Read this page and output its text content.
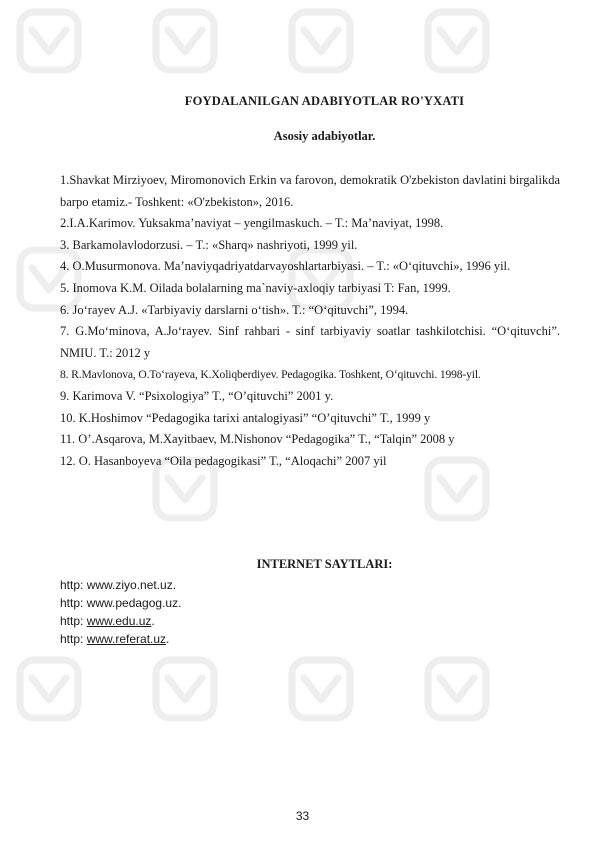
FOYDALANILGAN ADABIYOTLAR RO'YXATI
Asosiy adabiyotlar.

1.Shavkat Mirziyoev, Miromonovich Erkin va farovon, demokratik O'zbekiston davlatini birgalikda barpo etamiz.- Toshkent: «O'zbekiston», 2016.

2.I.A.Karimov. Yuksakma’naviyat – yengilmaskuch. – T.: Ma’naviyat, 1998.

3. Barkamolavlodorzusi. – T.: «Sharq» nashriyoti, 1999 yil.

4. O.Musurmonova. Ma’naviyqadriyatdarvayoshlartarbiyasi. – T.: «O‘qituvchi», 1996 yil.

5. Inomova K.M. Oilada bolalarning ma`naviy-axloqiy tarbiyasi T: Fan, 1999.

6. Jo‘rayev A.J. «Tarbiyaviy darslarni o‘tish». T.: “O‘qituvchi”, 1994.

7. G.Mo‘minova, A.Jo‘rayev. Sinf rahbari - sinf tarbiyaviy soatlar tashkilotchisi. “O‘qituvchi”. NMIU. T.: 2012 y

8. R.Mavlonova, O.To‘rayeva, K.Xoliqberdiyev. Pedagogika. Toshkent, O‘qituvchi. 1998-yil.

9. Karimova V. “Psixologiya” T., “O’qituvchi” 2001 y.

10. K.Hoshimov “Pedagogika tarixi antalogiyasi” “O’qituvchi” T., 1999 y

11. O’.Asqarova, M.Xayitbaev, M.Nishonov “Pedagogika” T., “Talqin” 2008 y

12. O. Hasanboyeva “Oila pedagogikasi” T., “Aloqachi” 2007 yil

INTERNET SAYTLARI:

http: www.ziyo.net.uz.

http: www.pedagog.uz.

http: www.edu.uz.

http: www.referat.uz.

33
